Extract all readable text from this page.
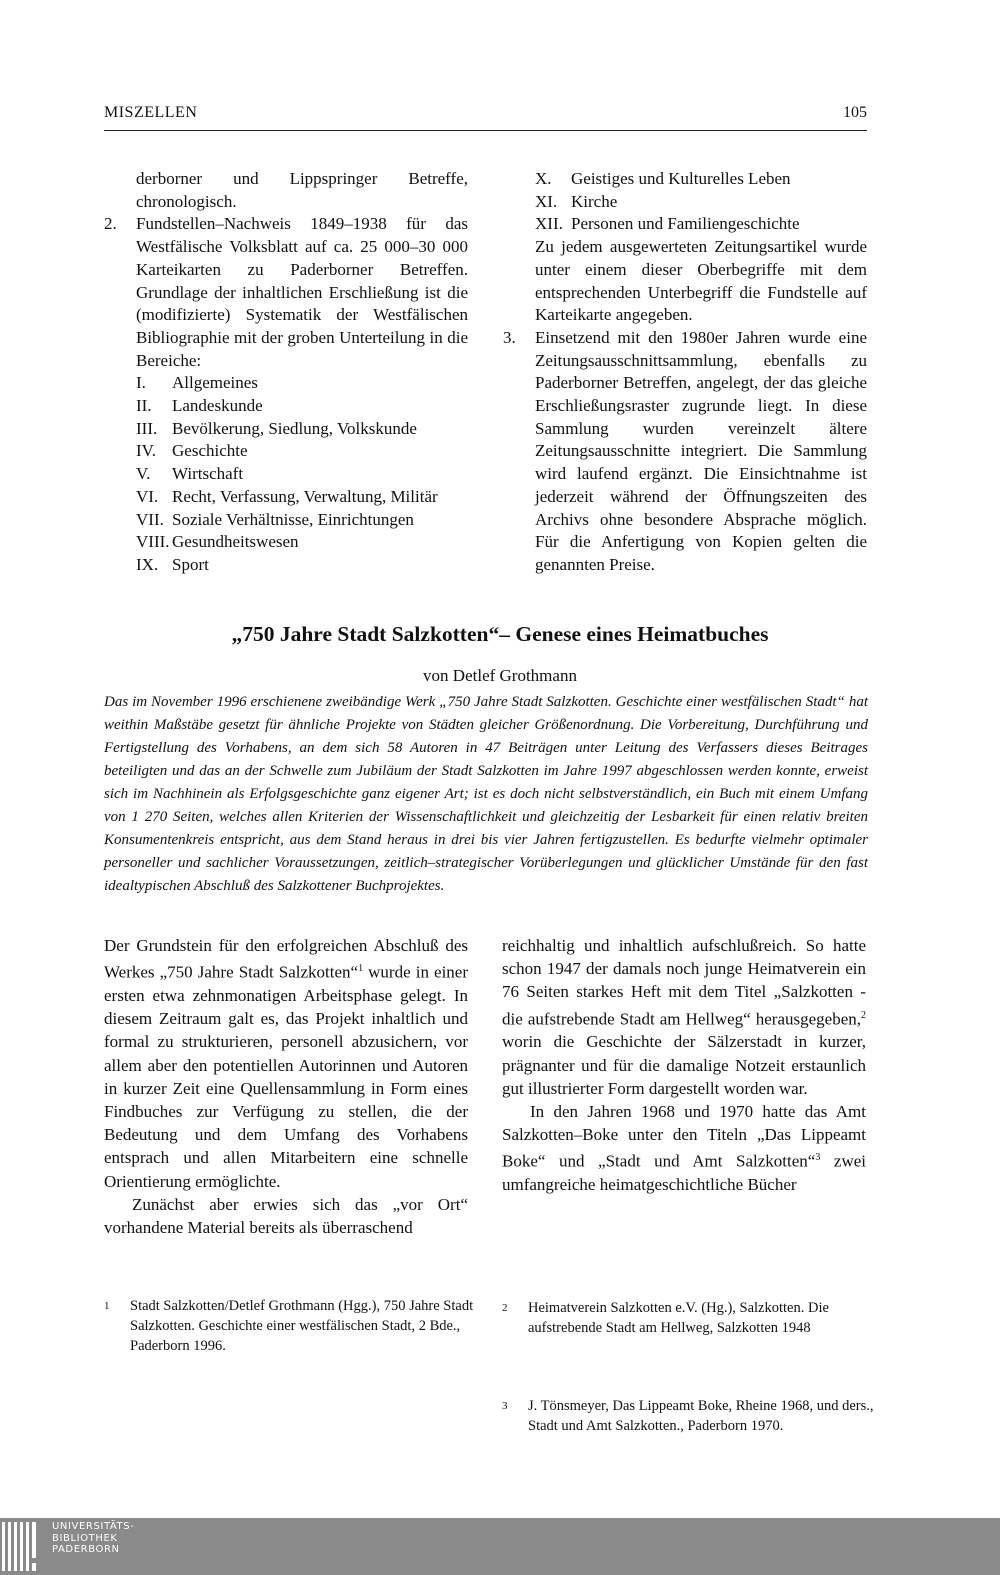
MISZELLEN	105

derborner und Lippspringer Betreffe, chronologisch.

2. Fundstellen–Nachweis 1849–1938 für das Westfälische Volksblatt auf ca. 25 000–30 000 Karteikarten zu Paderborner Betreffen. Grundlage der inhaltlichen Erschließung ist die (modifizierte) Systematik der Westfälischen Bibliographie mit der groben Unterteilung in die Bereiche:
I. Allgemeines
II. Landeskunde
III. Bevölkerung, Siedlung, Volkskunde
IV. Geschichte
V. Wirtschaft
VI. Recht, Verfassung, Verwaltung, Militär
VII. Soziale Verhältnisse, Einrichtungen
VIII. Gesundheitswesen
IX. Sport
X. Geistiges und Kulturelles Leben
XI. Kirche
XII. Personen und Familiengeschichte

Zu jedem ausgewerteten Zeitungsartikel wurde unter einem dieser Oberbegriffe mit dem entsprechenden Unterbegriff die Fundstelle auf Karteikarte angegeben.

3. Einsetzend mit den 1980er Jahren wurde eine Zeitungsausschnittsammlung, ebenfalls zu Paderborner Betreffen, angelegt, der das gleiche Erschließungsraster zugrunde liegt. In diese Sammlung wurden vereinzelt ältere Zeitungsausschnitte integriert. Die Sammlung wird laufend ergänzt. Die Einsichtnahme ist jederzeit während der Öffnungszeiten des Archivs ohne besondere Absprache möglich. Für die Anfertigung von Kopien gelten die genannten Preise.
„750 Jahre Stadt Salzkotten“– Genese eines Heimatbuches
von Detlef Grothmann
Das im November 1996 erschienene zweibändige Werk „750 Jahre Stadt Salzkotten. Geschichte einer westfälischen Stadt“ hat weithin Maßstäbe gesetzt für ähnliche Projekte von Städten gleicher Größenordnung. Die Vorbereitung, Durchführung und Fertigstellung des Vorhabens, an dem sich 58 Autoren in 47 Beiträgen unter Leitung des Verfassers dieses Beitrages beteiligten und das an der Schwelle zum Jubiläum der Stadt Salzkotten im Jahre 1997 abgeschlossen werden konnte, erweist sich im Nachhinein als Erfolgsgeschichte ganz eigener Art; ist es doch nicht selbstverständlich, ein Buch mit einem Umfang von 1 270 Seiten, welches allen Kriterien der Wissenschaftlichkeit und gleichzeitig der Lesbarkeit für einen relativ breiten Konsumentenkreis entspricht, aus dem Stand heraus in drei bis vier Jahren fertigzustellen. Es bedurfte vielmehr optimaler personeller und sachlicher Voraussetzungen, zeitlich–strategischer Vorüberlegungen und glücklicher Umstände für den fast idealtypischen Abschluß des Salzkottener Buchprojektes.

Der Grundstein für den erfolgreichen Abschluß des Werkes „750 Jahre Stadt Salzkotten“$^1$ wurde in einer ersten etwa zehnmonatigen Arbeitsphase gelegt. In diesem Zeitraum galt es, das Projekt inhaltlich und formal zu strukturieren, personell abzusichern, vor allem aber den potentiellen Autorinnen und Autoren in kurzer Zeit eine Quellensammlung in Form eines Findbuches zur Verfügung zu stellen, die der Bedeutung und dem Umfang des Vorhabens entsprach und allen Mitarbeitern eine schnelle Orientierung ermöglichte.

Zunächst aber erwies sich das „vor Ort“ vorhandene Material bereits als überraschend

1 Stadt Salzkotten/Detlef Grothmann (Hgg.), 750 Jahre Stadt Salzkotten. Geschichte einer westfälischen Stadt, 2 Bde., Paderborn 1996.

reichhaltig und inhaltlich aufschlußreich. So hatte schon 1947 der damals noch junge Heimatverein ein 76 Seiten starkes Heft mit dem Titel „Salzkotten - die aufstrebende Stadt am Hellweg“ herausgegeben,$^2$ worin die Geschichte der Sälzerstadt in kurzer, prägnanter und für die damalige Notzeit erstaunlich gut illustrierter Form dargestellt worden war.

In den Jahren 1968 und 1970 hatte das Amt Salzkotten–Boke unter den Titeln „Das Lippeamt Boke“ und „Stadt und Amt Salzkotten“$^3$ zwei umfangreiche heimatgeschichtliche Bücher

2 Heimatverein Salzkotten e.V. (Hg.), Salzkotten. Die aufstrebende Stadt am Hellweg, Salzkotten 1948
3 J. Tönsmeyer, Das Lippeamt Boke, Rheine 1968, und ders., Stadt und Amt Salzkotten., Paderborn 1970.
UNIVERSITÄTS-
BIBLIOTHEK
PADERBORN
